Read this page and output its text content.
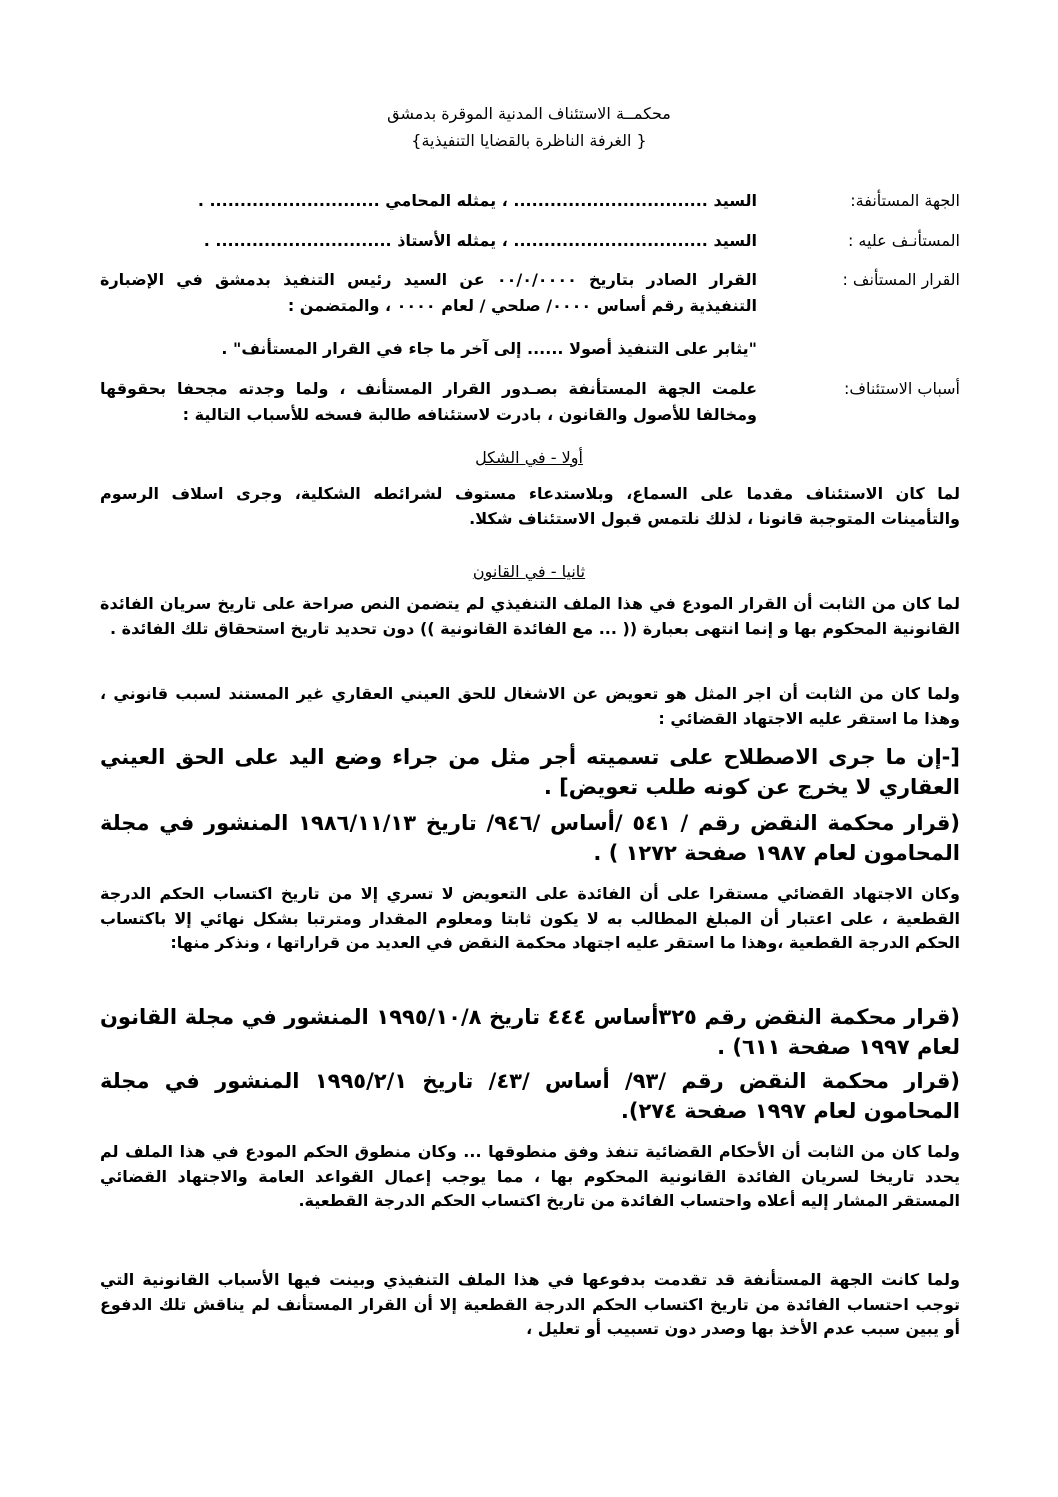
محكمــة الاستئناف المدنية الموقرة بدمشق
{ الغرفة الناظرة بالقضايا التنفيذية}
الجهة المستأنفة:
السيد ................................ ، يمثله المحامي ............................ .
المستأنـف عليه :
السيد ................................ ، يمثله الأستاذ ............................. .
القرار المستأنف :
القرار الصادر بتاريخ ٠٠/٠/٠٠٠٠ عن السيد رئيس التنفيذ بدمشق في الإضبارة التنفيذية رقم أساس ٠٠٠٠/ صلحي / لعام ٠٠٠٠ ، والمتضمن :
"يثابر على التنفيذ أصولا ...... إلى آخر ما جاء في القرار المستأنف" .
أسباب الاستئناف:
علمت الجهة المستأنفة بصـدور القرار المستأنف ، ولما وجدته مجحفا بحقوقها ومخالفا للأصول والقانون ، بادرت لاستئنافه طالبة فسخه للأسباب التالية :
أولا - في الشكل
لما كان الاستئناف مقدما على السماع، وبلاستدعاء مستوف لشرائطه الشكلية، وجرى اسلاف الرسوم والتأمينات المتوجبة قانونا ، لذلك نلتمس قبول الاستئناف شكلا.
ثانيا - في القانون
لما كان من الثابت أن القرار المودع في هذا الملف التنفيذي لم يتضمن النص صراحة على تاريخ سريان الفائدة القانونية المحكوم بها و إنما انتهى بعبارة (( ... مع الفائدة القانونية )) دون تحديد تاريخ استحقاق تلك الفائدة .
ولما كان من الثابت أن اجر المثل هو تعويض عن الاشغال للحق العيني العقاري غير المستند لسبب قانوني ، وهذا ما استقر عليه الاجتهاد القضائي :
[-إن ما جرى الاصطلاح على تسميته أجر مثل من جراء وضع اليد على الحق العيني العقاري لا يخرج عن كونه طلب تعويض] .
(قرار محكمة النقض رقم / ٥٤١ /أساس /٩٤٦/ تاريخ ١٩٨٦/١١/١٣ المنشور في مجلة المحامون لعام ١٩٨٧ صفحة ١٢٧٢ ) .
وكان الاجتهاد القضائي مستقرا على أن الفائدة على التعويض لا تسري إلا من تاريخ اكتساب الحكم الدرجة القطعية ، على اعتبار أن المبلغ المطالب به لا يكون ثابتا ومعلوم المقدار ومترتبا بشكل نهائي إلا باكتساب الحكم الدرجة القطعية ،وهذا ما استقر عليه اجتهاد محكمة النقض في العديد من قراراتها ، ونذكر منها:
(قرار محكمة النقض رقم ٣٢٥أساس ٤٤٤ تاريخ ١٩٩٥/١٠/٨ المنشور في مجلة القانون لعام ١٩٩٧ صفحة ٦١١) .
(قرار محكمة النقض رقم /٩٣/ أساس /٤٣/ تاريخ ١٩٩٥/٢/١ المنشور في مجلة المحامون لعام ١٩٩٧ صفحة ٢٧٤).
ولما كان من الثابت أن الأحكام القضائية تنفذ وفق منطوقها ... وكان منطوق الحكم المودع في هذا الملف لم يحدد تاريخا لسريان الفائدة القانونية المحكوم بها ، مما يوجب إعمال القواعد العامة والاجتهاد القضائي المستقر المشار إليه أعلاه واحتساب الفائدة من تاريخ اكتساب الحكم الدرجة القطعية.
ولما كانت الجهة المستأنفة قد تقدمت بدفوعها في هذا الملف التنفيذي وبينت فيها الأسباب القانونية التي توجب احتساب الفائدة من تاريخ اكتساب الحكم الدرجة القطعية إلا أن القرار المستأنف لم يناقش تلك الدفوع أو يبين سبب عدم الأخذ بها وصدر دون تسبيب أو تعليل ،
